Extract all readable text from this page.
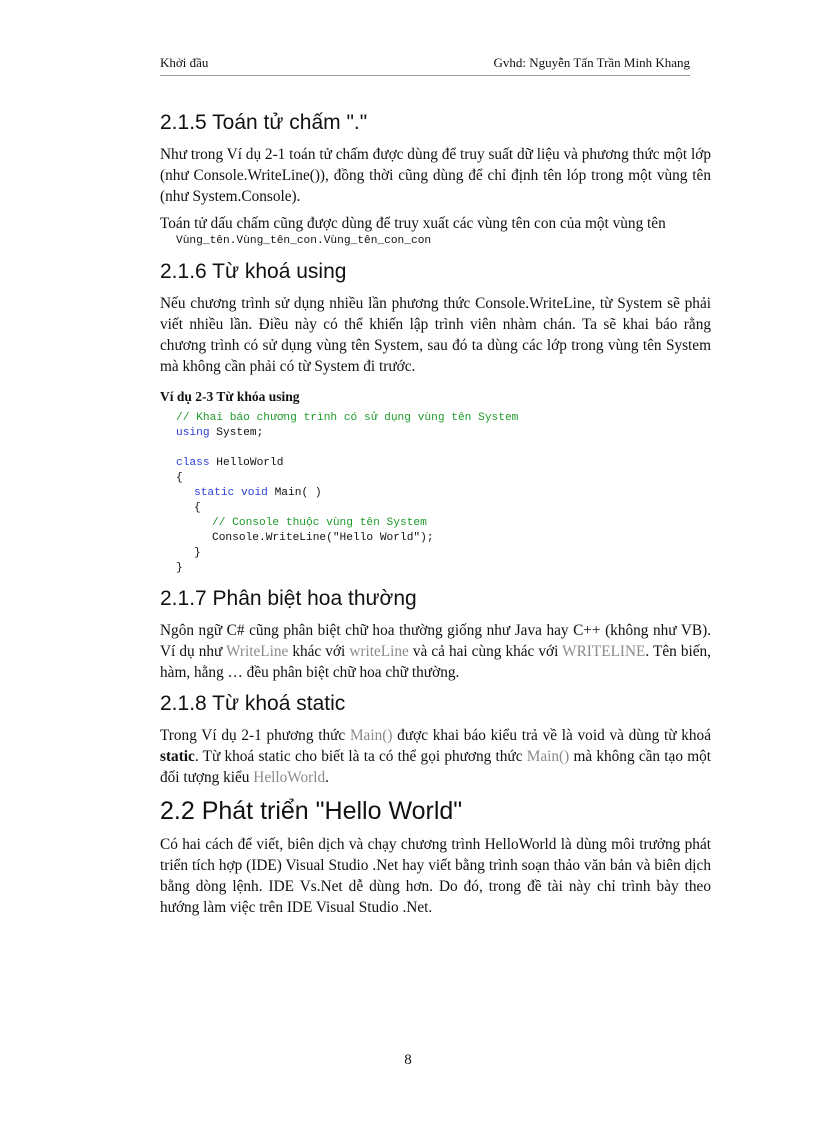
Khởi đầu	Gvhd: Nguyễn Tấn Trần Minh Khang
2.1.5 Toán tử chấm "."

Như trong Ví dụ 2-1 toán tử chấm được dùng để truy suất dữ liệu và phương thức một lớp (như Console.WriteLine()), đồng thời cũng dùng để chỉ định tên lóp trong một vùng tên (như System.Console).

Toán tử dấu chấm cũng được dùng để truy xuất các vùng tên con của một vùng tên

Vùng_tên.Vùng_tên_con.Vùng_tên_con_con
2.1.6 Từ khoá using

Nếu chương trình sử dụng nhiều lần phương thức Console.WriteLine, từ System sẽ phải viết nhiều lần. Điều này có thể khiến lập trình viên nhàm chán. Ta sẽ khai báo rằng chương trình có sử dụng vùng tên System, sau đó ta dùng các lớp trong vùng tên System mà không cần phải có từ System đi trước.

Ví dụ 2-3 Từ khóa using
// Khai báo chương trình có sử dụng vùng tên System
using System;
class HelloWorld
{
static void Main( )
{
// Console thuộc vùng tên System
Console.WriteLine("Hello World");
}
}
2.1.7 Phân biệt hoa thường

Ngôn ngữ C# cũng phân biệt chữ hoa thường giống như Java hay C++ (không như VB). Ví dụ như WriteLine khác với writeLine và cả hai cùng khác với WRITELINE. Tên biến, hàm, hằng … đều phân biệt chữ hoa chữ thường.

2.1.8 Từ khoá static

Trong Ví dụ 2-1 phương thức Main() được khai báo kiểu trả về là void và dùng từ khoá static. Từ khoá static cho biết là ta có thể gọi phương thức Main() mà không cần tạo một đối tượng kiểu HelloWorld.

2.2 Phát triển "Hello World"

Có hai cách để viết, biên dịch và chạy chương trình HelloWorld là dùng môi trưởng phát triển tích hợp (IDE) Visual Studio .Net hay viết bằng trình soạn thảo văn bản và biên dịch bằng dòng lệnh. IDE Vs.Net dễ dùng hơn. Do đó, trong đề tài này chỉ trình bày theo hướng làm việc trên IDE Visual Studio .Net.

8
